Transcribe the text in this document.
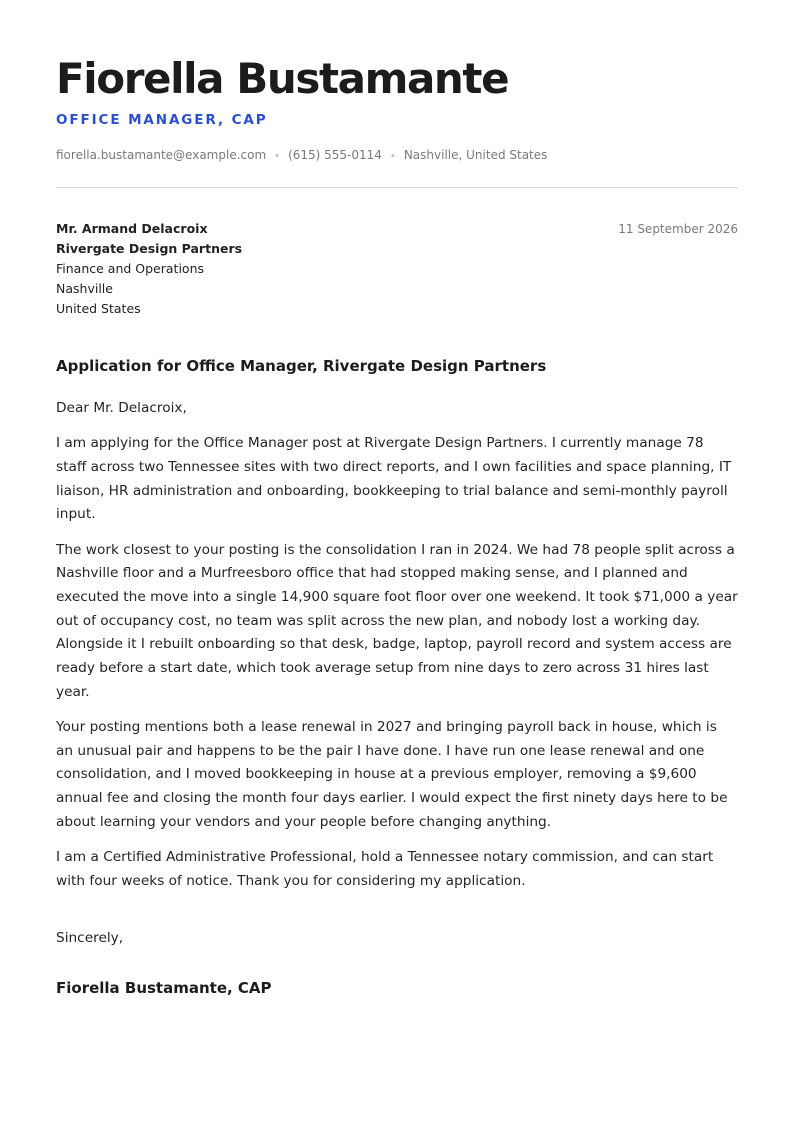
Fiorella Bustamante
OFFICE MANAGER, CAP
fiorella.bustamante@example.com • (615) 555-0114 • Nashville, United States
Mr. Armand Delacroix
Rivergate Design Partners
Finance and Operations
Nashville
United States
11 September 2026
Application for Office Manager, Rivergate Design Partners

Dear Mr. Delacroix,

I am applying for the Office Manager post at Rivergate Design Partners. I currently manage 78 staff across two Tennessee sites with two direct reports, and I own facilities and space planning, IT liaison, HR administration and onboarding, bookkeeping to trial balance and semi-monthly payroll input.

The work closest to your posting is the consolidation I ran in 2024. We had 78 people split across a Nashville floor and a Murfreesboro office that had stopped making sense, and I planned and executed the move into a single 14,900 square foot floor over one weekend. It took $71,000 a year out of occupancy cost, no team was split across the new plan, and nobody lost a working day. Alongside it I rebuilt onboarding so that desk, badge, laptop, payroll record and system access are ready before a start date, which took average setup from nine days to zero across 31 hires last year.

Your posting mentions both a lease renewal in 2027 and bringing payroll back in house, which is an unusual pair and happens to be the pair I have done. I have run one lease renewal and one consolidation, and I moved bookkeeping in house at a previous employer, removing a $9,600 annual fee and closing the month four days earlier. I would expect the first ninety days here to be about learning your vendors and your people before changing anything.

I am a Certified Administrative Professional, hold a Tennessee notary commission, and can start with four weeks of notice. Thank you for considering my application.

Sincerely,
Fiorella Bustamante, CAP
